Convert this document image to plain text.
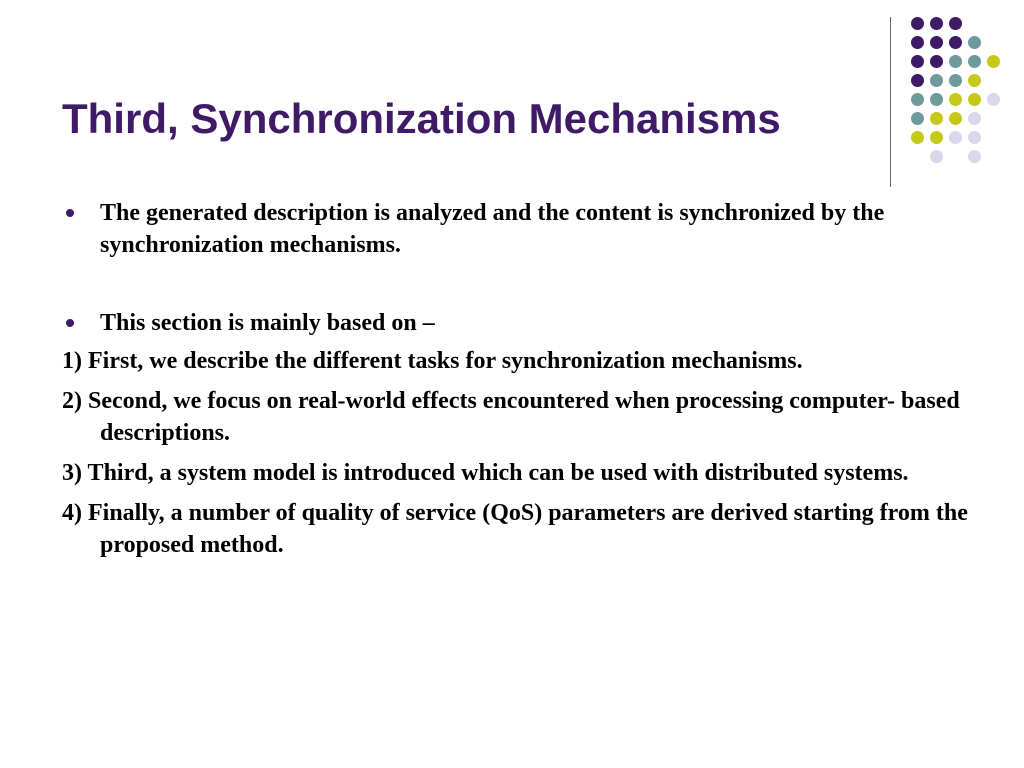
Third, Synchronization Mechanisms
The generated description is analyzed and the content is synchronized by the synchronization mechanisms.
This section is mainly based on –
1) First, we describe the different tasks for synchronization mechanisms.
2) Second, we focus on real-world effects encountered when processing computer- based descriptions.
3) Third, a system model is introduced which can be used with distributed systems.
4) Finally, a number of quality of service (QoS) parameters are derived starting from the proposed method.
